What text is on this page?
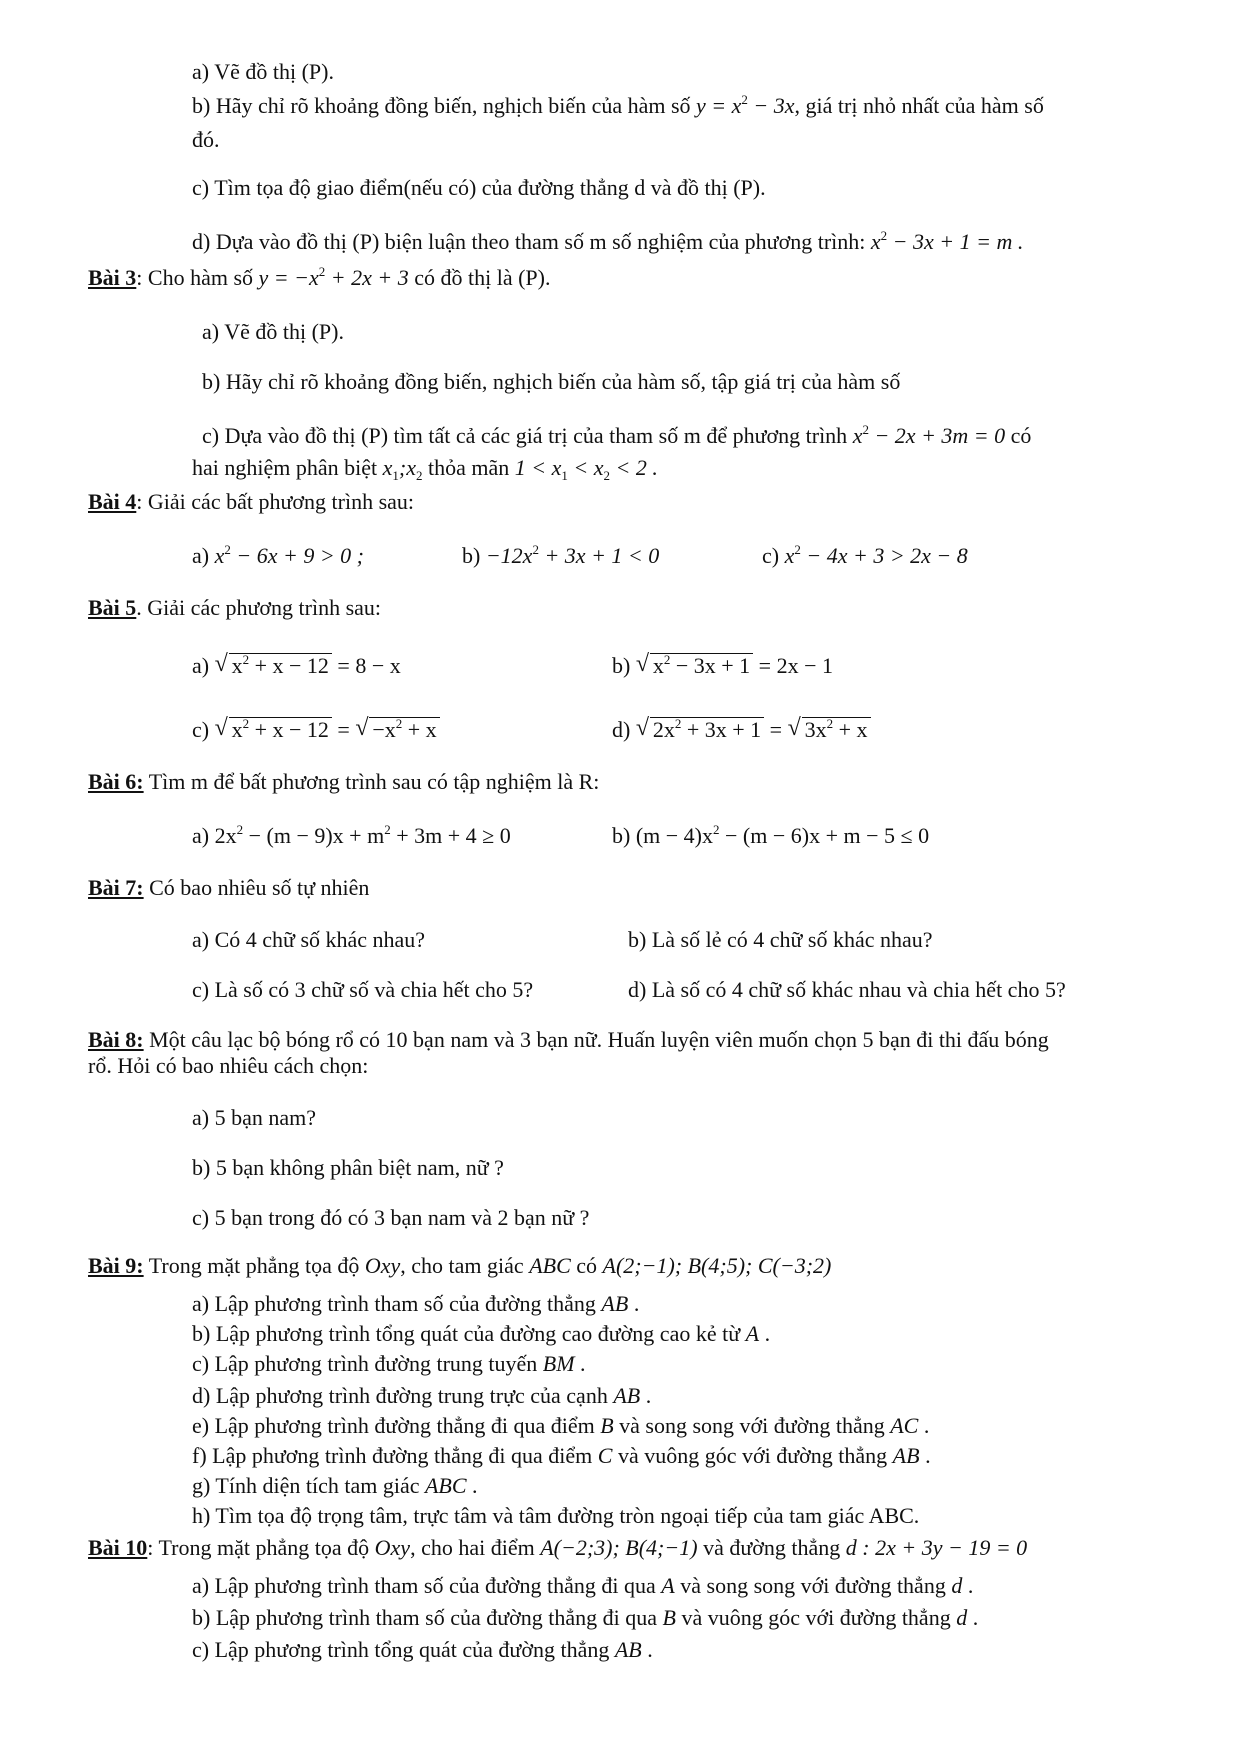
a) Vẽ đồ thị (P).
b) Hãy chỉ rõ khoảng đồng biến, nghịch biến của hàm số $y = x^2 - 3x$, giá trị nhỏ nhất của hàm số
đó.
c) Tìm tọa độ giao điểm(nếu có) của đường thẳng d và đồ thị (P).
d) Dựa vào đồ thị (P) biện luận theo tham số m số nghiệm của phương trình: $x^2 - 3x + 1 = m$ .
Bài 3: Cho hàm số $y = -x^2 + 2x + 3$ có đồ thị là (P).
a) Vẽ đồ thị (P).
b) Hãy chỉ rõ khoảng đồng biến, nghịch biến của hàm số, tập giá trị của hàm số
c) Dựa vào đồ thị (P) tìm tất cả các giá trị của tham số m để phương trình $x^2 - 2x + 3m = 0$ có
hai nghiệm phân biệt $x_1;x_2$ thỏa mãn $1 < x_1 < x_2 < 2$ .
Bài 4: Giải các bất phương trình sau:
a) $x^2 - 6x + 9 > 0$ ;	$b) -12x^2 + 3x + 1 < 0$	c) $x^2 - 4x + 3 > 2x - 8$
Bài 5. Giải các phương trình sau:
a) √ $x^2 + x - 12 = 8 - x$	b) √ $x^2 - 3x + 1 = 2x - 1$
c) √ $x^2 + x - 12$ = √ $-x^2 + x$	d) √ $2x^2 + 3x + 1$ = √ $3x^2 + x$
Bài 6: Tìm m để bất phương trình sau có tập nghiệm là R:
a) $2x^2 - (m - 9)x + m^2 + 3m + 4 \ge 0$	b) $(m - 4)x^2 - (m - 6)x + m - 5 \le 0$
Bài 7: Có bao nhiêu số tự nhiên
a) Có 4 chữ số khác nhau?	b) Là số lẻ có 4 chữ số khác nhau?
c) Là số có 3 chữ số và chia hết cho 5?	d) Là số có 4 chữ số khác nhau và chia hết cho 5?
Bài 8: Một câu lạc bộ bóng rổ có 10 bạn nam và 3 bạn nữ. Huấn luyện viên muốn chọn 5 bạn đi thi đấu bóng
rổ. Hỏi có bao nhiêu cách chọn:
a) 5 bạn nam?
b) 5 bạn không phân biệt nam, nữ ?
c) 5 bạn trong đó có 3 bạn nam và 2 bạn nữ ?
Bài 9: Trong mặt phẳng tọa độ Oxy, cho tam giác ABC có A(2;−1); B(4;5); C(−3;2)
a) Lập phương trình tham số của đường thẳng AB .
b) Lập phương trình tổng quát của đường cao đường cao kẻ từ A .
c) Lập phương trình đường trung tuyến BM .
d) Lập phương trình đường trung trực của cạnh AB .
e) Lập phương trình đường thẳng đi qua điểm B và song song với đường thẳng AC .
f) Lập phương trình đường thẳng đi qua điểm C và vuông góc với đường thẳng AB .
g) Tính diện tích tam giác ABC .
h) Tìm tọa độ trọng tâm, trực tâm và tâm đường tròn ngoại tiếp của tam giác ABC.
Bài 10: Trong mặt phẳng tọa độ Oxy, cho hai điểm A(−2;3); B(4;−1) và đường thẳng d : 2x + 3y − 19 = 0
a) Lập phương trình tham số của đường thẳng đi qua A và song song với đường thẳng d .
b) Lập phương trình tham số của đường thẳng đi qua B và vuông góc với đường thẳng d .
c) Lập phương trình tổng quát của đường thẳng AB .
